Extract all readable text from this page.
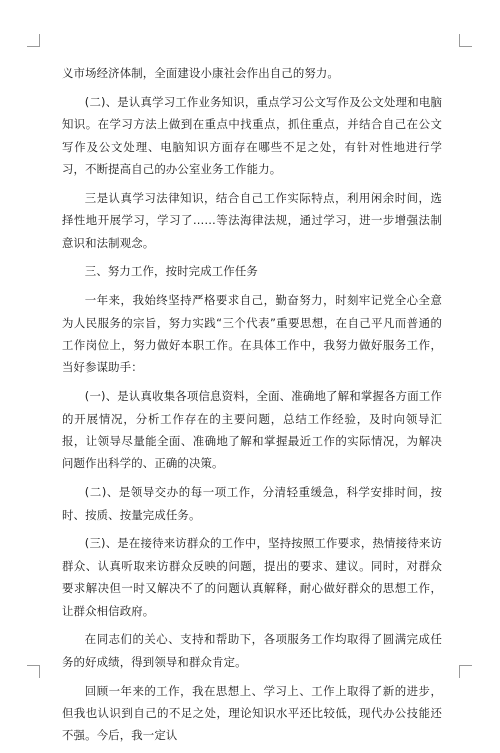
义市场经济体制，全面建设小康社会作出自己的努力。

(二)、是认真学习工作业务知识，重点学习公文写作及公文处理和电脑知识。在学习方法上做到在重点中找重点，抓住重点，并结合自己在公文写作及公文处理、电脑知识方面存在哪些不足之处，有针对性地进行学习，不断提高自己的办公室业务工作能力。

三是认真学习法律知识，结合自己工作实际特点，利用闲余时间，选择性地开展学习，学习了……等法海律法规，通过学习，进一步增强法制意识和法制观念。

三、努力工作，按时完成工作任务

一年来，我始终坚持严格要求自己，勤奋努力，时刻牢记党全心全意为人民服务的宗旨，努力实践“三个代表”重要思想，在自己平凡而普通的工作岗位上，努力做好本职工作。在具体工作中，我努力做好服务工作，当好参谋助手：

(一)、是认真收集各项信息资料，全面、准确地了解和掌握各方面工作的开展情况，分析工作存在的主要问题，总结工作经验，及时向领导汇报，让领导尽量能全面、准确地了解和掌握最近工作的实际情况，为解决问题作出科学的、正确的决策。

(二)、是领导交办的每一项工作，分清轻重缓急，科学安排时间，按时、按质、按量完成任务。

(三)、是在接待来访群众的工作中，坚持按照工作要求，热情接待来访群众、认真听取来访群众反映的问题，提出的要求、建议。同时，对群众要求解决但一时又解决不了的问题认真解释，耐心做好群众的思想工作，让群众相信政府。

在同志们的关心、支持和帮助下，各项服务工作均取得了圆满完成任务的好成绩，得到领导和群众肯定。

回顾一年来的工作，我在思想上、学习上、工作上取得了新的进步，但我也认识到自己的不足之处，理论知识水平还比较低，现代办公技能还不强。今后，我一定认
